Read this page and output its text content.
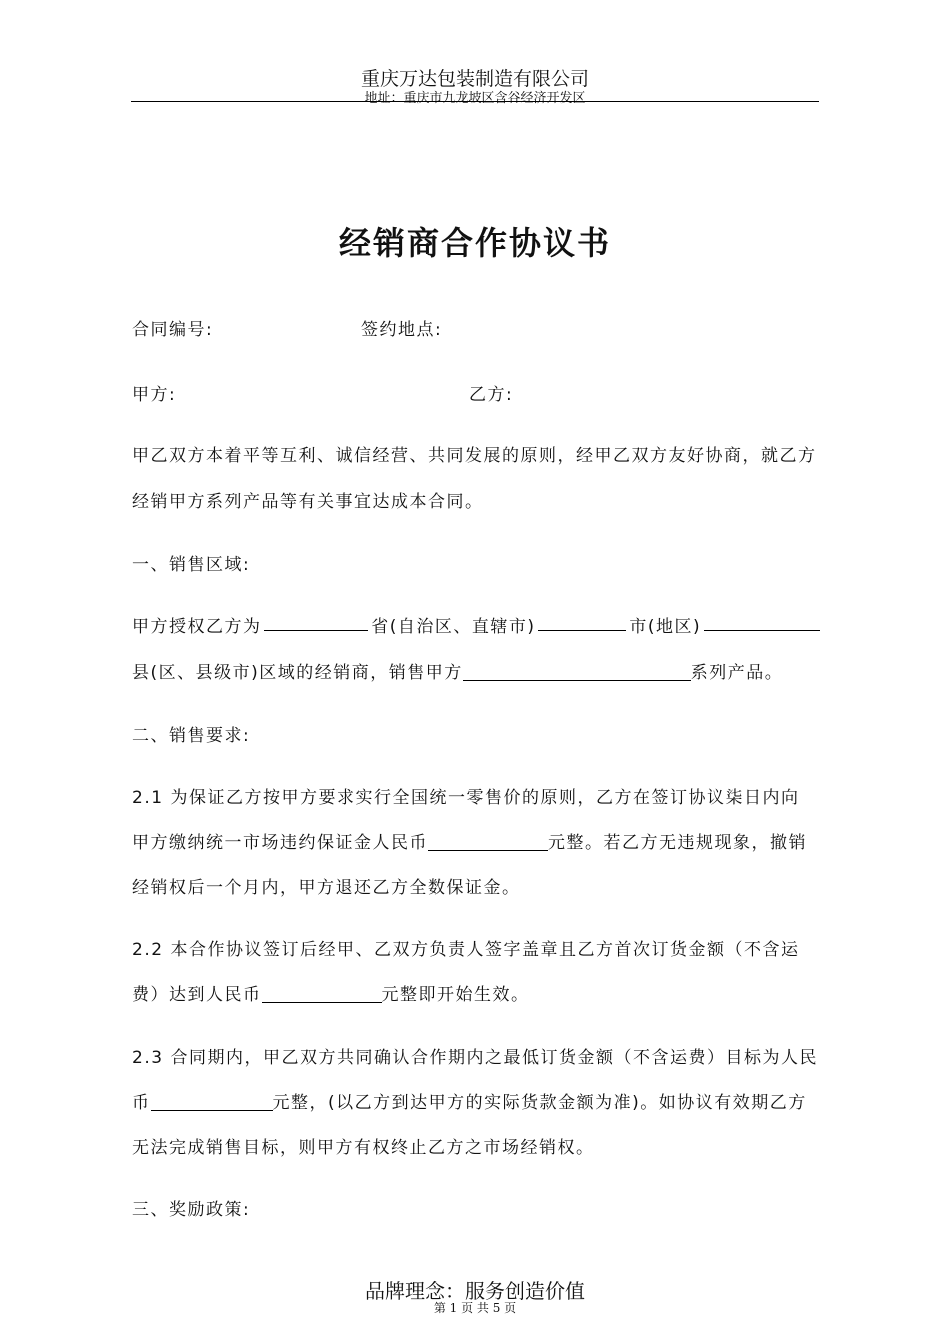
重庆万达包装制造有限公司
地址：重庆市九龙坡区含谷经济开发区
经销商合作协议书
合同编号:	签约地点:
甲方:	乙方:
甲乙双方本着平等互利、诚信经营、共同发展的原则，经甲乙双方友好协商，就乙方
经销甲方系列产品等有关事宜达成本合同。
一、销售区域:
甲方授权乙方为	省(自治区、直辖市)	市(地区)
县(区、县级市)区域的经销商，销售甲方	系列产品。
二、销售要求:
2.1 为保证乙方按甲方要求实行全国统一零售价的原则，乙方在签订协议柒日内向
甲方缴纳统一市场违约保证金人民币	元整。若乙方无违规现象，撤销
经销权后一个月内，甲方退还乙方全数保证金。
2.2 本合作协议签订后经甲、乙双方负责人签字盖章且乙方首次订货金额（不含运
费）达到人民币	元整即开始生效。
2.3 合同期内，甲乙双方共同确认合作期内之最低订货金额（不含运费）目标为人民
币	元整，(以乙方到达甲方的实际货款金额为准)。如协议有效期乙方
无法完成销售目标，则甲方有权终止乙方之市场经销权。
三、奖励政策:
品牌理念：服务创造价值
第 1 页 共 5 页
